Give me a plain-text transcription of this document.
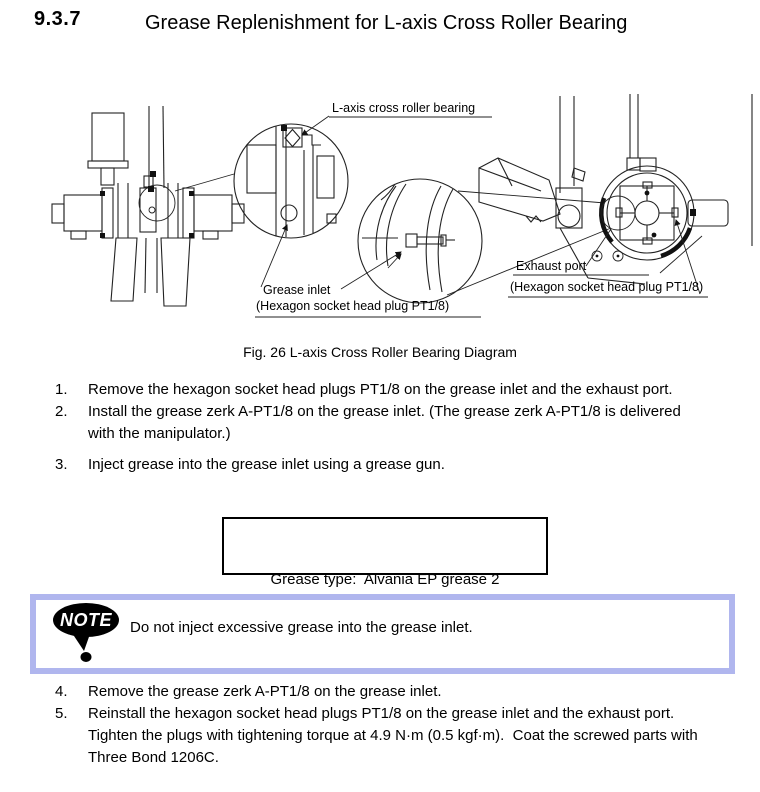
9.3.7	Grease Replenishment for L-axis Cross Roller Bearing
L-axis cross roller bearing
Grease inlet
(Hexagon socket head plug PT1/8)
Exhaust port
(Hexagon socket head plug PT1/8)
Fig. 26 L-axis Cross Roller Bearing Diagram
1.	Remove the hexagon socket head plugs PT1/8 on the grease inlet and the exhaust port.
2.	Install the grease zerk A-PT1/8 on the grease inlet. (The grease zerk A-PT1/8 is delivered with the manipulator.)
3.	Inject grease into the grease inlet using a grease gun.

Grease type:  Alvania EP grease 2

NOTE Do not inject excessive grease into the grease inlet.
4.	Remove the grease zerk A-PT1/8 on the grease inlet.
5.	Reinstall the hexagon socket head plugs PT1/8 on the grease inlet and the exhaust port.  Tighten the plugs with tightening torque at 4.9 N·m (0.5 kgf·m).  Coat the screwed parts with Three Bond 1206C.
